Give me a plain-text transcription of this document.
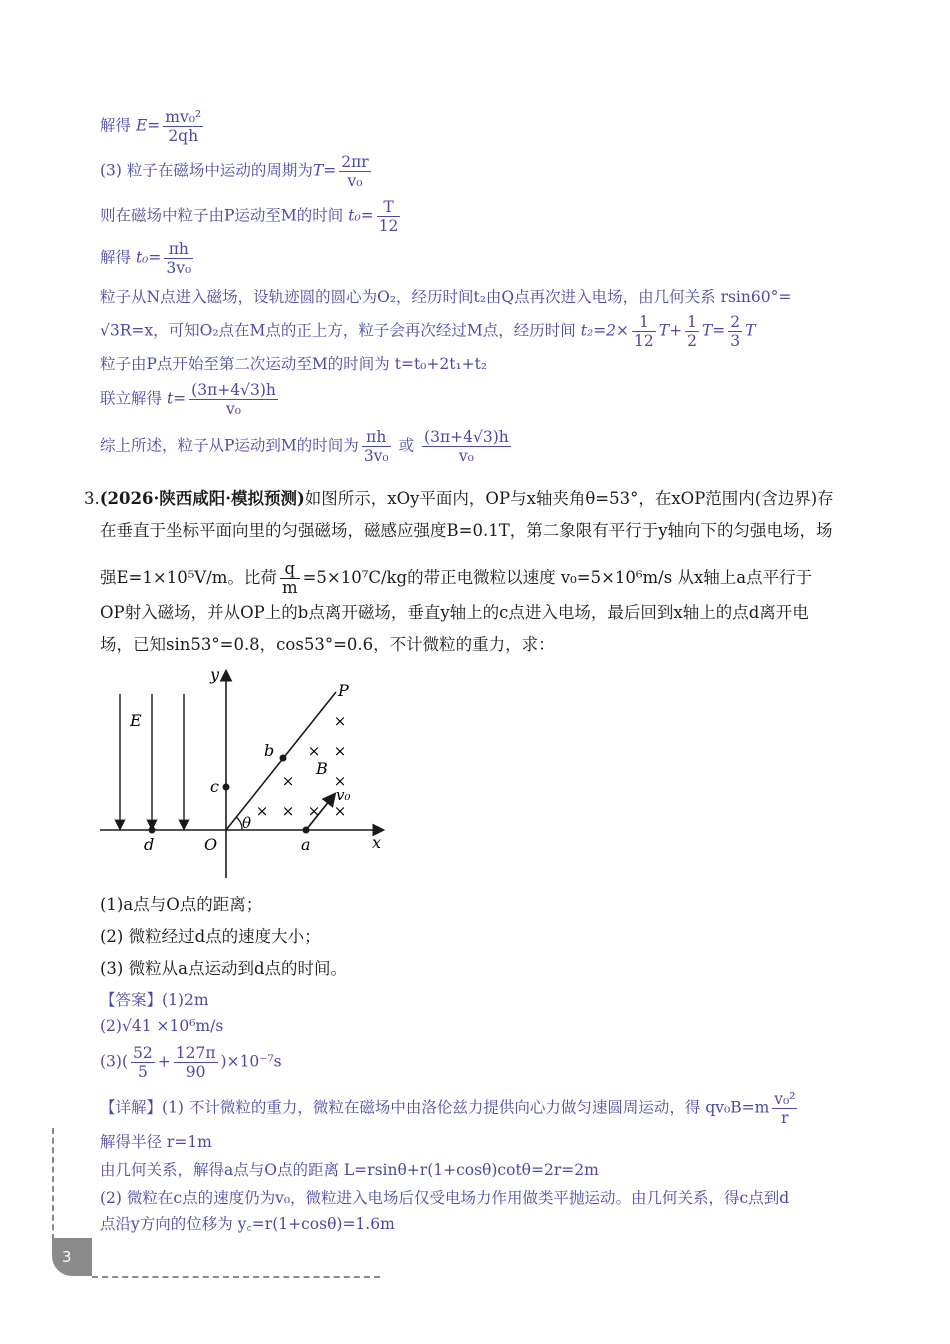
解得 $E= \frac{\text{mv₀²}}{2qh}$
(3) 粒子在磁场中运动的周期为$T= \frac{2\pi r}{\text{v₀}}$
则在磁场中粒子由P运动至M的时间 $t_0= \frac{T}{12}$
解得 $t_0= \frac{\pi h}{\text{3v₀}}$
粒子从N点进入磁场，设轨迹圆的圆心为O₂，经历时间t₂由Q点再次进入电场，由几何关系 rsin60°=
√3R=x，可知O₂点在M点的正上方，粒子会再次经过M点，经历时间 $t_2=2\times \frac{1}{12} T+ \frac{1}{2} T= \frac{2}{3}$ T
粒子由P点开始至第二次运动至M的时间为 t=t₀+2t₁+t₂
联立解得 $t= \frac{(3\pi+4√3)h}{\text{v₀}}$
综上所述，粒子从P运动到M的时间为 $\frac{\pi h}{\text{3v₀}}$ 或 $\frac{(3\pi+4√3)h}{\text{v₀}}$
3.(2026·陕西咸阳·模拟预测)如图所示，xOy平面内，OP与x轴夹角θ=53°，在xOP范围内(含边界)存
在垂直于坐标平面向里的匀强磁场，磁感应强度B=0.1T，第二象限有平行于y轴向下的匀强电场，场
强E=1×10⁵V/m。比荷 $\frac{q}{m} =5\times 10^7C/kg$的带正电微粒以速度 v₀=5×10⁶m/s 从x轴上a点平行于
OP射入磁场，并从OP上的b点离开磁场，垂直y轴上的c点进入电场，最后回到x轴上的点d离开电
场，已知sin53°=0.8，cos53°=0.6，不计微粒的重力，求：
×
× ×
×	×
× × × ×
y
P
E
b
B
c	v₀
θ
d	O	a	x
(1)a点与O点的距离；
(2) 微粒经过d点的速度大小；
(3) 微粒从a点运动到d点的时间。
【答案】(1)2m
(2)√41 ×10⁶m/s
$(3)( \frac{52}{5} + \frac{127\pi}{90} )\times 10^{-7}s$
【详解】(1) 不计微粒的重力，微粒在磁场中由洛伦兹力提供向心力做匀速圆周运动，得 $qv_0B=m \frac{\text{v₀²}}{r}$
解得半径 r=1m
由几何关系，解得a点与O点的距离 L=rsinθ+r(1+cosθ)cotθ=2r=2m
(2) 微粒在c点的速度仍为v₀，微粒进入电场后仅受电场力作用做类平抛运动。由几何关系，得c点到d
点沿y方向的位移为 y꜀=r(1+cosθ)=1.6m
3
